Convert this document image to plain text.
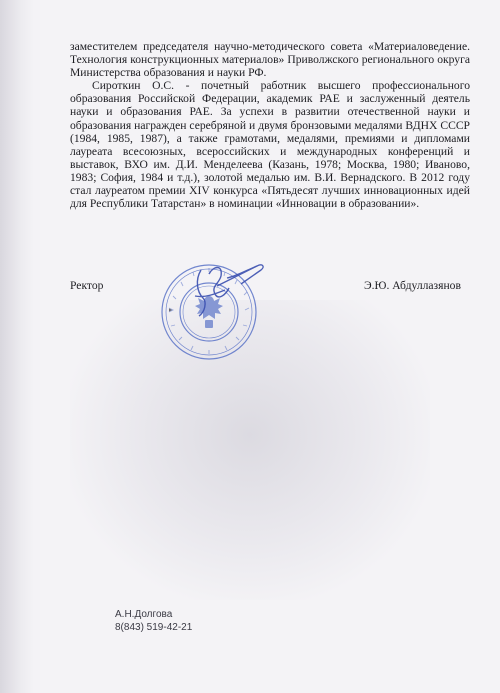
заместителем председателя научно-методического совета «Материаловедение. Технология конструкционных материалов» Приволжского регионального округа Министерства образования и науки РФ.

Сироткин О.С. - почетный работник высшего профессионального образования Российской Федерации, академик РАЕ и заслуженный деятель науки и образования РАЕ. За успехи в развитии отечественной науки и образования награжден серебряной и двумя бронзовыми медалями ВДНХ СССР (1984, 1985, 1987), а также грамотами, медалями, премиями и дипломами лауреата всесоюзных, всероссийских и международных конференций и выставок, ВХО им. Д.И. Менделеева (Казань, 1978; Москва, 1980; Иваново, 1983; София, 1984 и т.д.), золотой медалью им. В.И. Вернадского. В 2012 году стал лауреатом премии XIV конкурса «Пятьдесят лучших инновационных идей для Республики Татарстан» в номинации «Инновации в образовании».

Ректор	Э.Ю. Абдуллазянов
А.Н.Долгова
8(843) 519-42-21
